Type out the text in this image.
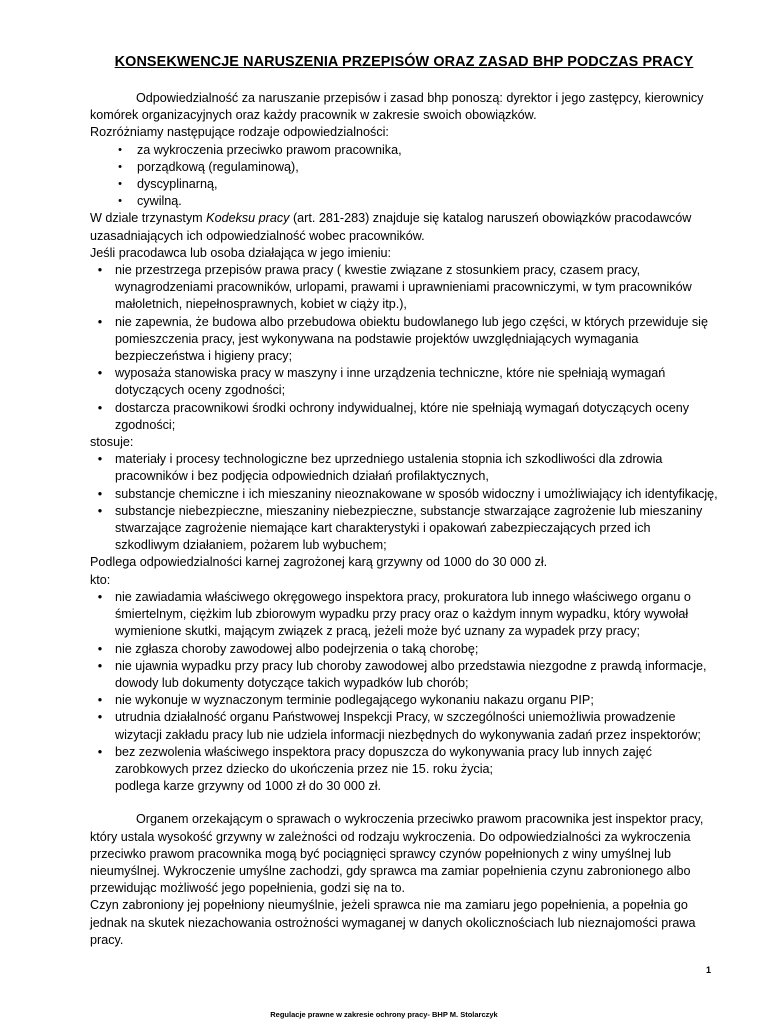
KONSEKWENCJE NARUSZENIA PRZEPISÓW ORAZ ZASAD BHP PODCZAS PRACY

Odpowiedzialność za naruszanie przepisów i zasad bhp ponoszą: dyrektor i jego zastępcy, kierownicy komórek organizacyjnych oraz każdy pracownik w zakresie swoich obowiązków.

Rozróżniamy następujące rodzaje odpowiedzialności:

•	za wykroczenia przeciwko prawom pracownika,
•	porządkową (regulaminową),
•	dyscyplinarną,
•	cywilną.

W dziale trzynastym Kodeksu pracy (art. 281-283) znajduje się katalog naruszeń obowiązków pracodawców uzasadniających ich odpowiedzialność wobec pracowników.

Jeśli pracodawca lub osoba działająca w jego imieniu:

•	nie przestrzega przepisów prawa pracy ( kwestie związane z stosunkiem pracy, czasem pracy, wynagrodzeniami pracowników, urlopami, prawami i uprawnieniami pracowniczymi, w tym pracowników małoletnich, niepełnosprawnych, kobiet w ciąży itp.),
•	nie zapewnia, że budowa albo przebudowa obiektu budowlanego lub jego części, w których przewiduje się pomieszczenia pracy, jest wykonywana na podstawie projektów uwzględniających wymagania bezpieczeństwa i higieny pracy;
•	wyposaża stanowiska pracy w maszyny i inne urządzenia techniczne, które nie spełniają wymagań dotyczących oceny zgodności;
•	dostarcza pracownikowi środki ochrony indywidualnej, które nie spełniają wymagań dotyczących oceny zgodności;

stosuje:

•	materiały i procesy technologiczne bez uprzedniego ustalenia stopnia ich szkodliwości dla zdrowia pracowników i bez podjęcia odpowiednich działań profilaktycznych,
•	substancje chemiczne i ich mieszaniny nieoznakowane w sposób widoczny i umożliwiający ich identyfikację,
•	substancje niebezpieczne, mieszaniny niebezpieczne, substancje stwarzające zagrożenie lub mieszaniny stwarzające zagrożenie niemające kart charakterystyki i opakowań zabezpieczających przed ich szkodliwym działaniem, pożarem lub wybuchem;

Podlega odpowiedzialności karnej zagrożonej karą grzywny od 1000 do 30 000 zł.

kto:

•	nie zawiadamia właściwego okręgowego inspektora pracy, prokuratora lub innego właściwego organu o śmiertelnym, ciężkim lub zbiorowym wypadku przy pracy oraz o każdym innym wypadku, który wywołał wymienione skutki, mającym związek z pracą, jeżeli może być uznany za wypadek przy pracy;
•	nie zgłasza choroby zawodowej albo podejrzenia o taką chorobę;
•	nie ujawnia wypadku przy pracy lub choroby zawodowej albo przedstawia niezgodne z prawdą informacje, dowody lub dokumenty dotyczące takich wypadków lub chorób;
•	nie wykonuje w wyznaczonym terminie podlegającego wykonaniu nakazu organu PIP;
•	utrudnia działalność organu Państwowej Inspekcji Pracy, w szczególności uniemożliwia prowadzenie wizytacji zakładu pracy lub nie udziela informacji niezbędnych do wykonywania zadań przez inspektorów;
•	bez zezwolenia właściwego inspektora pracy dopuszcza do wykonywania pracy lub innych zajęć zarobkowych przez dziecko do ukończenia przez nie 15. roku życia;
podlega karze grzywny od 1000 zł do 30 000 zł.

Organem orzekającym o sprawach o wykroczenia przeciwko prawom pracownika jest inspektor pracy, który ustala wysokość grzywny w zależności od rodzaju wykroczenia. Do odpowiedzialności za wykroczenia przeciwko prawom pracownika mogą być pociągnięci sprawcy czynów popełnionych z winy umyślnej lub nieumyślnej. Wykroczenie umyślne zachodzi, gdy sprawca ma zamiar popełnienia czynu zabronionego albo przewidując możliwość jego popełnienia, godzi się na to.

Czyn zabroniony jej popełniony nieumyślnie, jeżeli sprawca nie ma zamiaru jego popełnienia, a popełnia go jednak na skutek niezachowania ostrożności wymaganej w danych okolicznościach lub nieznajomości prawa pracy.

1
Regulacje prawne w zakresie ochrony pracy- BHP M. Stolarczyk
